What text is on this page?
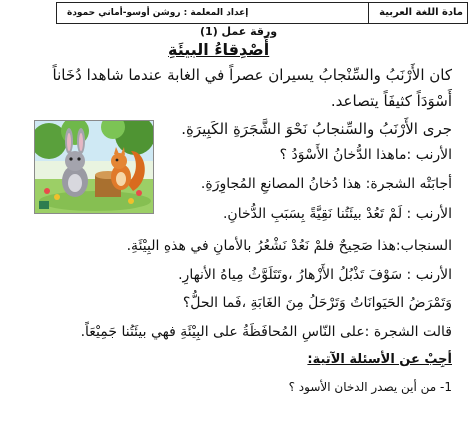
مادة اللغة العربية
إعداد المعلمة : روشن أوسو-أماني حمودة
ورقة عمل (1)
أَصْدِقاءُ البيئَةِ
كان الأَرْنَبُ والسِّنْجابُ يسيران عصراً في الغابة عندما شاهدا دُخَاناً
أَسْوَدَاً كثيفَاً يتصاعد.
جرى الأَرْنَبُ والسِّنجابُ نَحْوَ الشَّجَرَةِ الكَبِيرَةِ.
الأرنب :ماهذا الدُّخانُ الأَسْوَدُ ؟
أجابَتْه الشجرة: هذا دُخانُ المصانعِ المُجاوِرَةِ.
الأرنب : لَمْ تَعُدْ بيئَتُنا نَقِيَّةً بِسَبَبِ الدُّخانِ.
السنجاب:هذا صَحِيحٌ فلمْ نَعُدْ نَشْعُرُ بالأمانِ في هذهِ البِيْئَةِ.
الأرنب : سَوْفَ تَذْبُلُ الأَزْهارُ ،وتَتَلَوَّثُ مِياهُ الأنهارِ.
وَتَمْرَضُ الحَيَوانَاتُ وَتَرْحَلُ مِنَ الغَابَةِ ،فَما الحلُّ؟
قالت الشجرة :على النّاسِ المُحافَظَةُ على البِيْئَةِ فهي بيئَتُنا جَمِيْعَاً.
أجِبْ عن الأسئلة الآتية:
1- من أين يصدر الدخان الأسود ؟
